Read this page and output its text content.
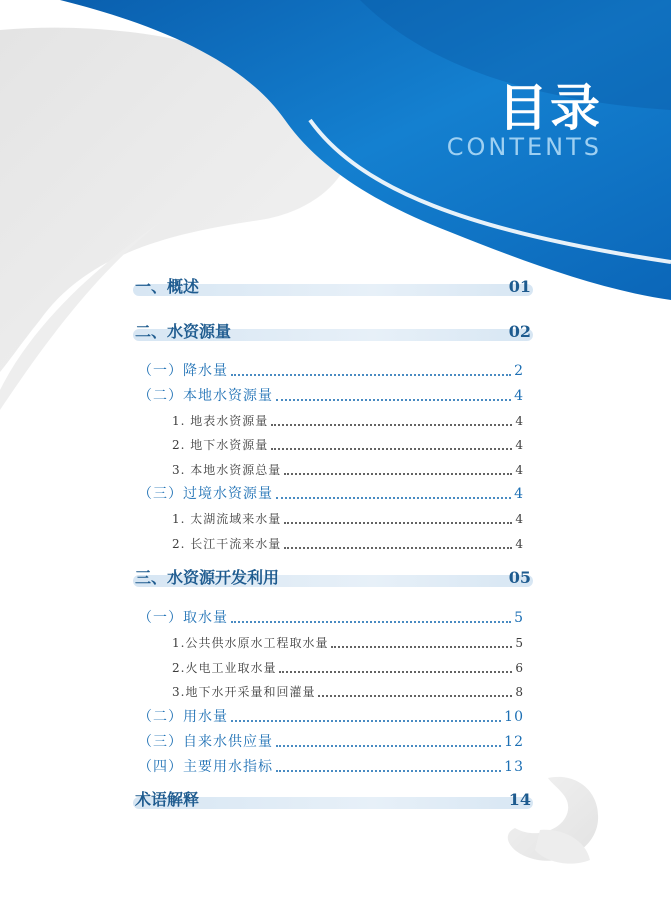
目录
CONTENTS
一、概述	01
二、水资源量	02
（一）降水量	2
（二）本地水资源量	4
1. 地表水资源量	4
2. 地下水资源量	4
3. 本地水资源总量	4
（三）过境水资源量	4
1. 太湖流域来水量	4
2. 长江干流来水量	4
三、水资源开发利用	05
（一）取水量	5
1.公共供水原水工程取水量	5
2.火电工业取水量	6
3.地下水开采量和回灌量	8
（二）用水量	10
（三）自来水供应量	12
（四）主要用水指标	13
术语解释	14
